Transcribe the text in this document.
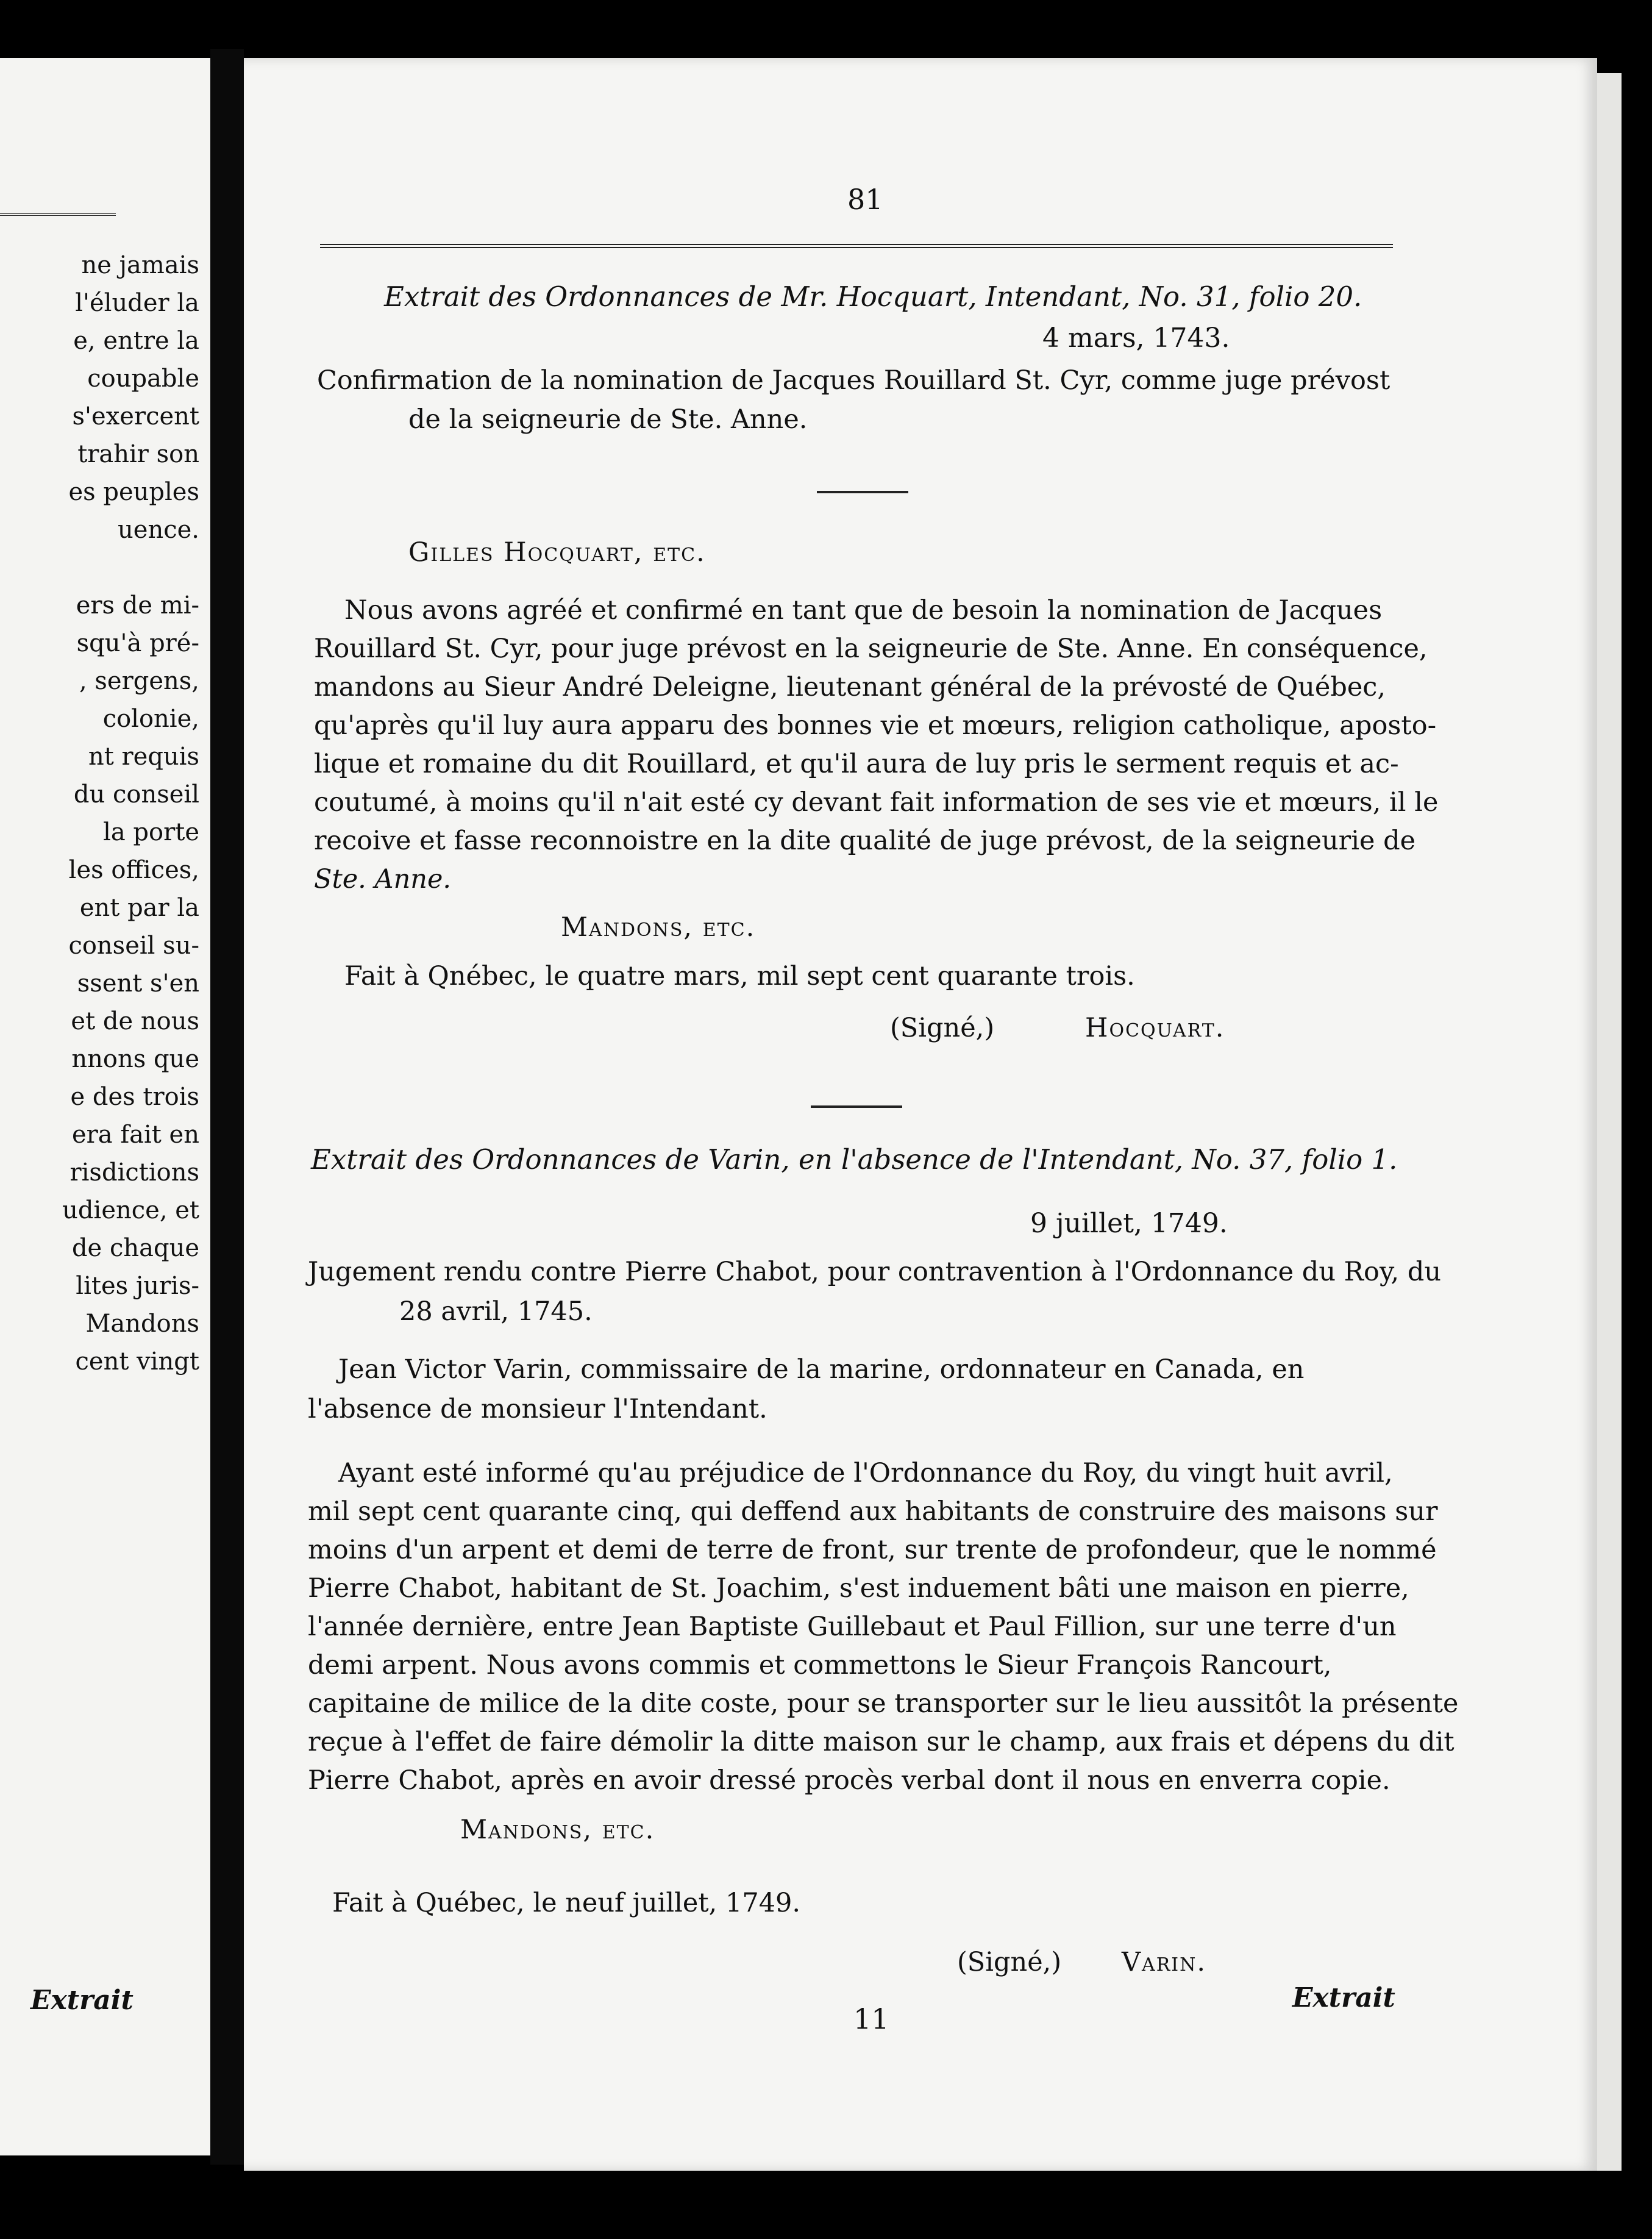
ne jamais
l'éluder la
e, entre la
coupable
s'exercent
trahir son
es peuples
uence.
ers de mi-
squ'à pré-
, sergens,
colonie,
nt requis
du conseil
la porte
les offices,
ent par la
conseil su-
ssent s'en
et de nous
nnons que
e des trois
era fait en
risdictions
udience, et
de chaque
lites juris-
Mandons
cent vingt
Extrait
81
Extrait des Ordonnances de Mr. Hocquart, Intendant, No. 31, folio 20.
4 mars, 1743.
Confirmation de la nomination de Jacques Rouillard St. Cyr, comme juge prévost
de la seigneurie de Ste. Anne.
Gilles Hocquart, etc.
Nous avons agréé et confirmé en tant que de besoin la nomination de Jacques
Rouillard St. Cyr, pour juge prévost en la seigneurie de Ste. Anne. En conséquence,
mandons au Sieur André Deleigne, lieutenant général de la prévosté de Québec,
qu'après qu'il luy aura apparu des bonnes vie et mœurs, religion catholique, aposto-
lique et romaine du dit Rouillard, et qu'il aura de luy pris le serment requis et ac-
coutumé, à moins qu'il n'ait esté cy devant fait information de ses vie et mœurs, il le
recoive et fasse reconnoistre en la dite qualité de juge prévost, de la seigneurie de
Ste. Anne.
Mandons, etc.
Fait à Qnébec, le quatre mars, mil sept cent quarante trois.
(Signé,)	Hocquart.
Extrait des Ordonnances de Varin, en l'absence de l'Intendant, No. 37, folio 1.
9 juillet, 1749.
Jugement rendu contre Pierre Chabot, pour contravention à l'Ordonnance du Roy, du
28 avril, 1745.
Jean Victor Varin, commissaire de la marine, ordonnateur en Canada, en
l'absence de monsieur l'Intendant.
Ayant esté informé qu'au préjudice de l'Ordonnance du Roy, du vingt huit avril,
mil sept cent quarante cinq, qui deffend aux habitants de construire des maisons sur
moins d'un arpent et demi de terre de front, sur trente de profondeur, que le nommé
Pierre Chabot, habitant de St. Joachim, s'est induement bâti une maison en pierre,
l'année dernière, entre Jean Baptiste Guillebaut et Paul Fillion, sur une terre d'un
demi arpent. Nous avons commis et commettons le Sieur François Rancourt,
capitaine de milice de la dite coste, pour se transporter sur le lieu aussitôt la présente
reçue à l'effet de faire démolir la ditte maison sur le champ, aux frais et dépens du dit
Pierre Chabot, après en avoir dressé procès verbal dont il nous en enverra copie.
Mandons, etc.
Fait à Québec, le neuf juillet, 1749.
(Signé,) Varin.
11
Extrait
